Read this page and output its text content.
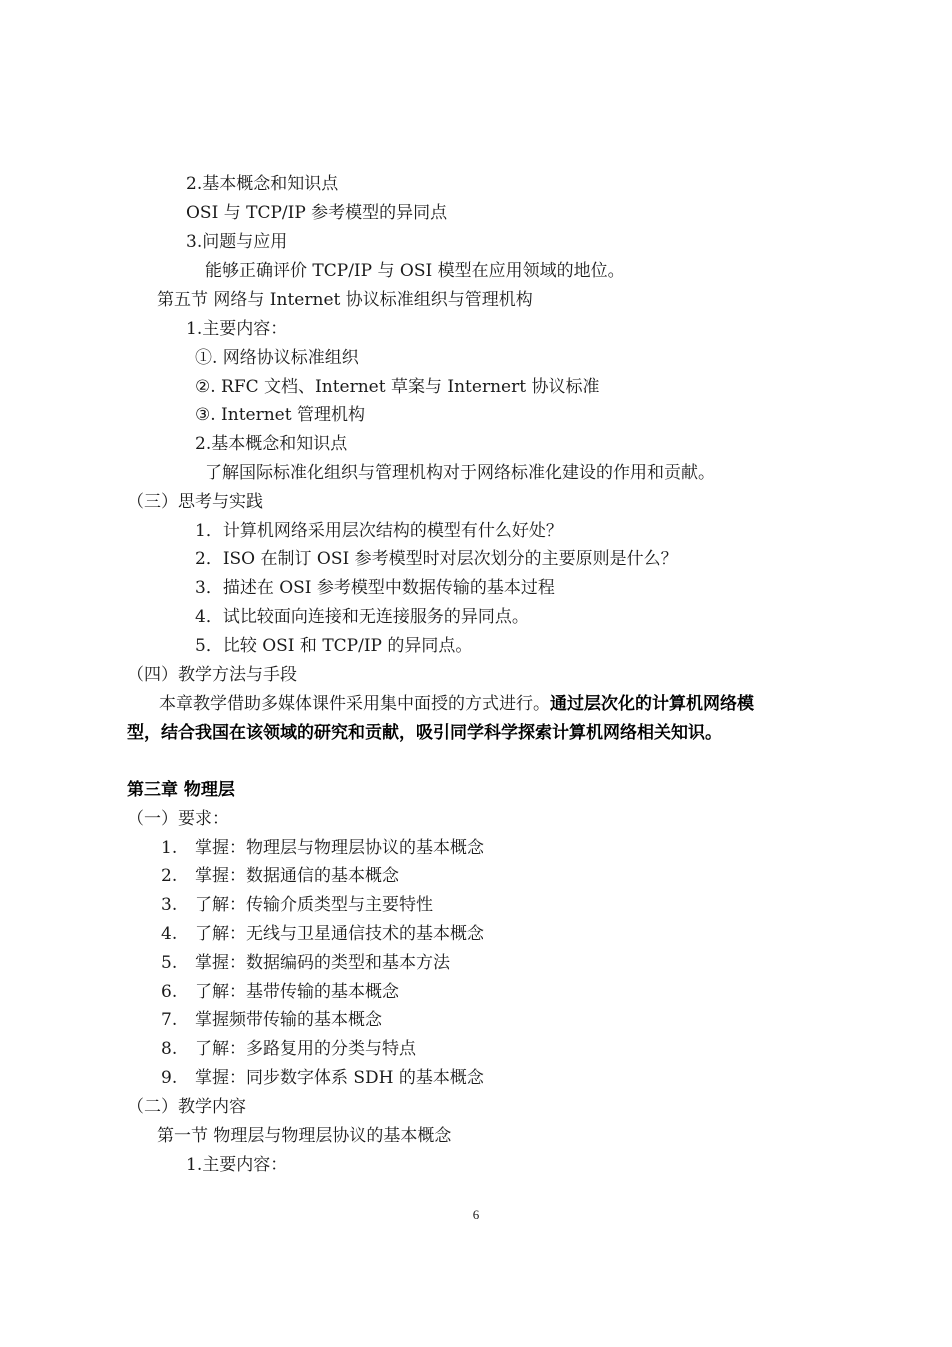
2.基本概念和知识点
OSI 与 TCP/IP 参考模型的异同点
3.问题与应用
能够正确评价 TCP/IP 与 OSI 模型在应用领域的地位。
第五节 网络与 Internet 协议标准组织与管理机构
1.主要内容：
①. 网络协议标准组织
②. RFC 文档、Internet 草案与 Internert 协议标准
③. Internet 管理机构
2.基本概念和知识点
了解国际标准化组织与管理机构对于网络标准化建设的作用和贡献。
（三）思考与实践
1．计算机网络采用层次结构的模型有什么好处？
2．ISO 在制订 OSI 参考模型时对层次划分的主要原则是什么？
3．描述在 OSI 参考模型中数据传输的基本过程
4．试比较面向连接和无连接服务的异同点。
5．比较 OSI 和 TCP/IP 的异同点。
（四）教学方法与手段
本章教学借助多媒体课件采用集中面授的方式进行。通过层次化的计算机网络模
型，结合我国在该领域的研究和贡献，吸引同学科学探索计算机网络相关知识。
第三章 物理层
（一）要求：
1. 掌握：物理层与物理层协议的基本概念
2. 掌握：数据通信的基本概念
3. 了解：传输介质类型与主要特性
4. 了解：无线与卫星通信技术的基本概念
5. 掌握：数据编码的类型和基本方法
6. 了解：基带传输的基本概念
7. 掌握频带传输的基本概念
8. 了解：多路复用的分类与特点
9. 掌握：同步数字体系 SDH 的基本概念
（二）教学内容
第一节 物理层与物理层协议的基本概念
1.主要内容：
6
